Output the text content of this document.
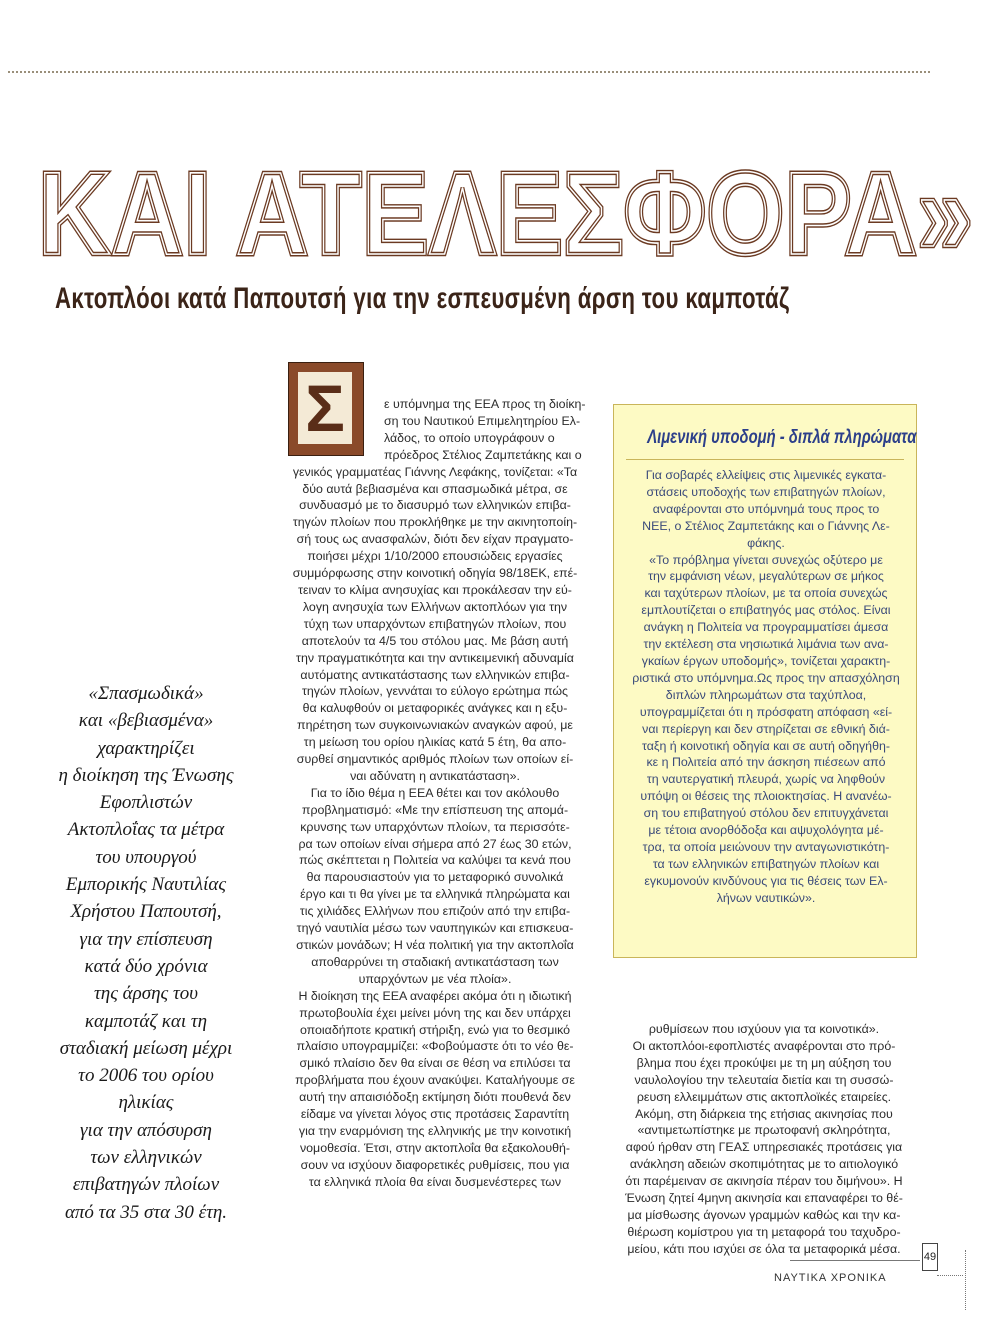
ΚΑΙ ΑΤΕΛΕΣΦΟΡΑ»
ΚΑΙ ΑΤΕΛΕΣΦΟΡΑ»
Ακτοπλόοι κατά Παπουτσή για την εσπευσμένη άρση του καμποτάζ
«Σπασμωδικά»
και «βεβιασμένα»
χαρακτηρίζει
η διοίκηση της Ένωσης
Εφοπλιστών
Ακτοπλοΐας τα μέτρα
του υπουργού
Εμπορικής Ναυτιλίας
Χρήστου Παπουτσή,
για την επίσπευση
κατά δύο χρόνια
της άρσης του
καμποτάζ και τη
σταδιακή μείωση μέχρι
το 2006 του ορίου
ηλικίας
για την απόσυρση
των ελληνικών
επιβατηγών πλοίων
από τα 35 στα 30 έτη.
Σ	ε υπόμνημα της ΕΕΑ προς τη διοίκη-
ση του Ναυτικού Επιμελητηρίου Ελ-
λάδος, το οποίο υπογράφουν ο
πρόεδρος Στέλιος Ζαμπετάκης και ο
γενικός γραμματέας Γιάννης Λεφάκης, τονίζεται: «Τα
δύο αυτά βεβιασμένα και σπασμωδικά μέτρα, σε
συνδυασμό με το διασυρμό των ελληνικών επιβα-
τηγών πλοίων που προκλήθηκε με την ακινητοποίη-
σή τους ως ανασφαλών, διότι δεν είχαν πραγματο-
ποιήσει μέχρι 1/10/2000 επουσιώδεις εργασίες
συμμόρφωσης στην κοινοτική οδηγία 98/18ΕΚ, επέ-
τειναν το κλίμα ανησυχίας και προκάλεσαν την εύ-
λογη ανησυχία των Ελλήνων ακτοπλόων για την
τύχη των υπαρχόντων επιβατηγών πλοίων, που
αποτελούν τα 4/5 του στόλου μας. Με βάση αυτή
την πραγματικότητα και την αντικειμενική αδυναμία
αυτόματης αντικατάστασης των ελληνικών επιβα-
τηγών πλοίων, γεννάται το εύλογο ερώτημα πώς
θα καλυφθούν οι μεταφορικές ανάγκες και η εξυ-
πηρέτηση των συγκοινωνιακών αναγκών αφού, με
τη μείωση του ορίου ηλικίας κατά 5 έτη, θα απο-
συρθεί σημαντικός αριθμός πλοίων των οποίων εί-
ναι αδύνατη η αντικατάσταση».
Για το ίδιο θέμα η ΕΕΑ θέτει και τον ακόλουθο
προβληματισμό: «Με την επίσπευση της απομά-
κρυνσης των υπαρχόντων πλοίων, τα περισσότε-
ρα των οποίων είναι σήμερα από 27 έως 30 ετών,
πώς σκέπτεται η Πολιτεία να καλύψει τα κενά που
θα παρουσιαστούν για το μεταφορικό συνολικά
έργο και τι θα γίνει με τα ελληνικά πληρώματα και
τις χιλιάδες Ελλήνων που επιζούν από την επιβα-
τηγό ναυτιλία μέσω των ναυπηγικών και επισκευα-
στικών μονάδων; Η νέα πολιτική για την ακτοπλοΐα
αποθαρρύνει τη σταδιακή αντικατάσταση των
υπαρχόντων με νέα πλοία».
Η διοίκηση της ΕΕΑ αναφέρει ακόμα ότι η ιδιωτική
πρωτοβουλία έχει μείνει μόνη της και δεν υπάρχει
οποιαδήποτε κρατική στήριξη, ενώ για το θεσμικό
πλαίσιο υπογραμμίζει: «Φοβούμαστε ότι το νέο θε-
σμικό πλαίσιο δεν θα είναι σε θέση να επιλύσει τα
προβλήματα που έχουν ανακύψει. Καταλήγουμε σε
αυτή την απαισιόδοξη εκτίμηση διότι πουθενά δεν
είδαμε να γίνεται λόγος στις προτάσεις Σαραντίτη
για την εναρμόνιση της ελληνικής με την κοινοτική
νομοθεσία. Έτσι, στην ακτοπλοΐα θα εξακολουθή-
σουν να ισχύουν διαφορετικές ρυθμίσεις, που για
τα ελληνικά πλοία θα είναι δυσμενέστερες των
Λιμενική υποδομή - διπλά πληρώματα
Για σοβαρές ελλείψεις στις λιμενικές εγκατα-
στάσεις υποδοχής των επιβατηγών πλοίων,
αναφέρονται στο υπόμνημά τους προς το
ΝΕΕ, ο Στέλιος Ζαμπετάκης και ο Γιάννης Λε-
φάκης.
«Το πρόβλημα γίνεται συνεχώς οξύτερο με
την εμφάνιση νέων, μεγαλύτερων σε μήκος
και ταχύτερων πλοίων, με τα οποία συνεχώς
εμπλουτίζεται ο επιβατηγός μας στόλος. Είναι
ανάγκη η Πολιτεία να προγραμματίσει άμεσα
την εκτέλεση στα νησιωτικά λιμάνια των ανα-
γκαίων έργων υποδομής», τονίζεται χαρακτη-
ριστικά στο υπόμνημα.Ως προς την απασχόληση
διπλών πληρωμάτων στα ταχύπλοα,
υπογραμμίζεται ότι η πρόσφατη απόφαση «εί-
ναι περίεργη και δεν στηρίζεται σε εθνική διά-
ταξη ή κοινοτική οδηγία και σε αυτή οδηγήθη-
κε η Πολιτεία από την άσκηση πιέσεων από
τη ναυτεργατική πλευρά, χωρίς να ληφθούν
υπόψη οι θέσεις της πλοιοκτησίας. Η ανανέω-
ση του επιβατηγού στόλου δεν επιτυγχάνεται
με τέτοια ανορθόδοξα και αψυχολόγητα μέ-
τρα, τα οποία μειώνουν την ανταγωνιστικότη-
τα των ελληνικών επιβατηγών πλοίων και
εγκυμονούν κινδύνους για τις θέσεις των Ελ-
λήνων ναυτικών».
ρυθμίσεων που ισχύουν για τα κοινοτικά».
Οι ακτοπλόοι-εφοπλιστές αναφέρονται στο πρό-
βλημα που έχει προκύψει με τη μη αύξηση του
ναυλολογίου την τελευταία διετία και τη συσσώ-
ρευση ελλειμμάτων στις ακτοπλοϊκές εταιρείες.
Ακόμη, στη διάρκεια της ετήσιας ακινησίας που
«αντιμετωπίστηκε με πρωτοφανή σκληρότητα,
αφού ήρθαν στη ΓΕΑΣ υπηρεσιακές προτάσεις για
ανάκληση αδειών σκοπιμότητας με το αιτιολογικό
ότι παρέμειναν σε ακινησία πέραν του διμήνου». Η
Ένωση ζητεί 4μηνη ακινησία και επαναφέρει το θέ-
μα μίσθωσης άγονων γραμμών καθώς και την κα-
θιέρωση κομίστρου για τη μεταφορά του ταχυδρο-
μείου, κάτι που ισχύει σε όλα τα μεταφορικά μέσα.
ΝΑΥΤΙΚΑ ΧΡΟΝΙΚΑ
49
